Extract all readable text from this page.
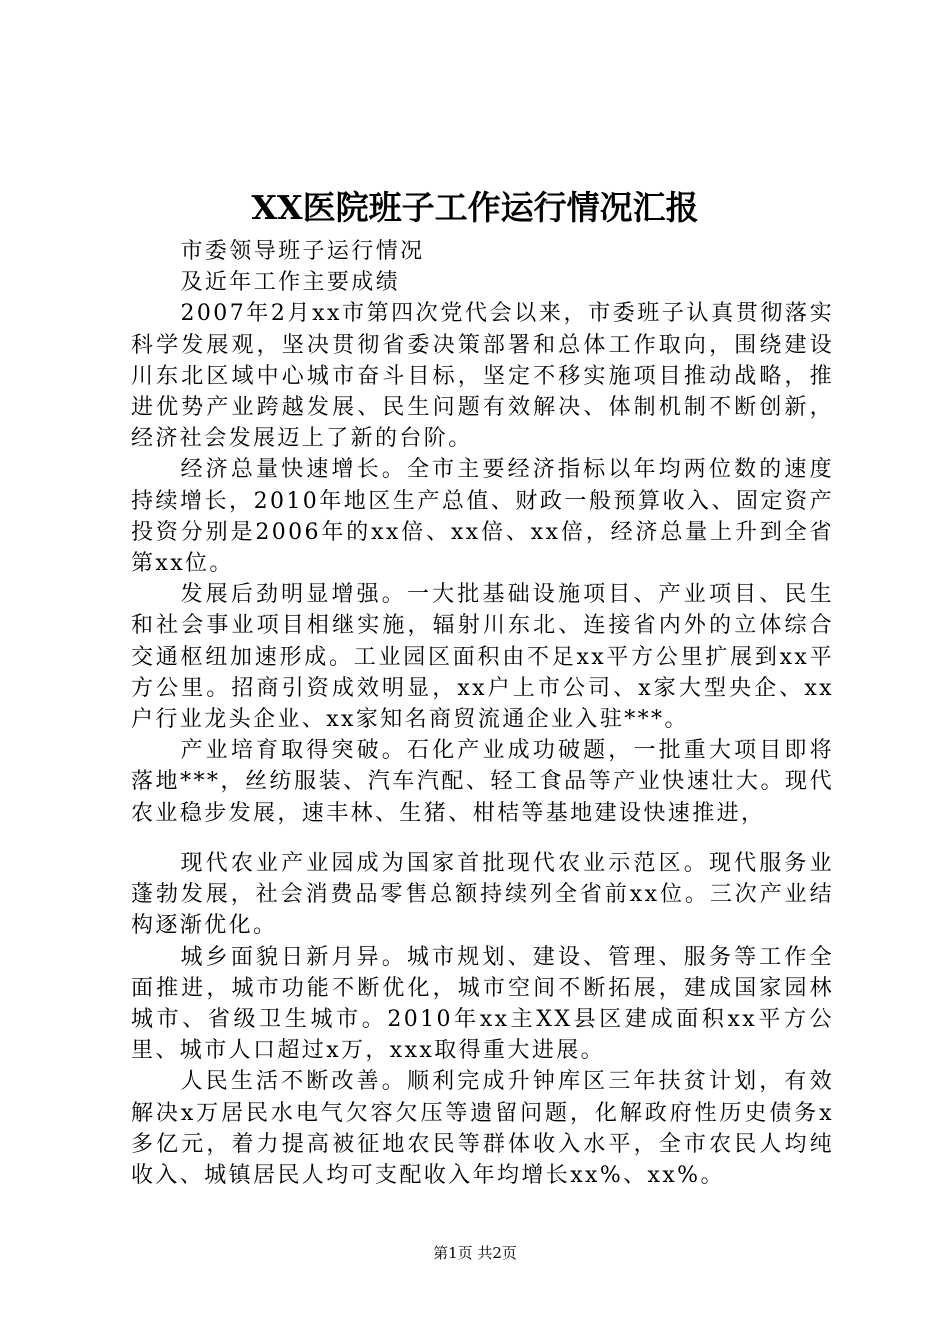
XX医院班子工作运行情况汇报

市委领导班子运行情况

及近年工作主要成绩

2007年2月xx市第四次党代会以来，市委班子认真贯彻落实科学发展观，坚决贯彻省委决策部署和总体工作取向，围绕建设川东北区域中心城市奋斗目标，坚定不移实施项目推动战略，推进优势产业跨越发展、民生问题有效解决、体制机制不断创新，经济社会发展迈上了新的台阶。

经济总量快速增长。全市主要经济指标以年均两位数的速度持续增长，2010年地区生产总值、财政一般预算收入、固定资产投资分别是2006年的xx倍、xx倍、xx倍，经济总量上升到全省第xx位。

发展后劲明显增强。一大批基础设施项目、产业项目、民生和社会事业项目相继实施，辐射川东北、连接省内外的立体综合交通枢纽加速形成。工业园区面积由不足xx平方公里扩展到xx平方公里。招商引资成效明显，xx户上市公司、x家大型央企、xx户行业龙头企业、xx家知名商贸流通企业入驻***。

产业培育取得突破。石化产业成功破题，一批重大项目即将落地***，丝纺服装、汽车汽配、轻工食品等产业快速壮大。现代农业稳步发展，速丰林、生猪、柑桔等基地建设快速推进，

现代农业产业园成为国家首批现代农业示范区。现代服务业蓬勃发展，社会消费品零售总额持续列全省前xx位。三次产业结构逐渐优化。

城乡面貌日新月异。城市规划、建设、管理、服务等工作全面推进，城市功能不断优化，城市空间不断拓展，建成国家园林城市、省级卫生城市。2010年xx主XX县区建成面积xx平方公里、城市人口超过x万，xxx取得重大进展。

人民生活不断改善。顺利完成升钟库区三年扶贫计划，有效解决x万居民水电气欠容欠压等遗留问题，化解政府性历史债务x多亿元，着力提高被征地农民等群体收入水平，全市农民人均纯收入、城镇居民人均可支配收入年均增长xx%、xx%。

第1页 共2页
